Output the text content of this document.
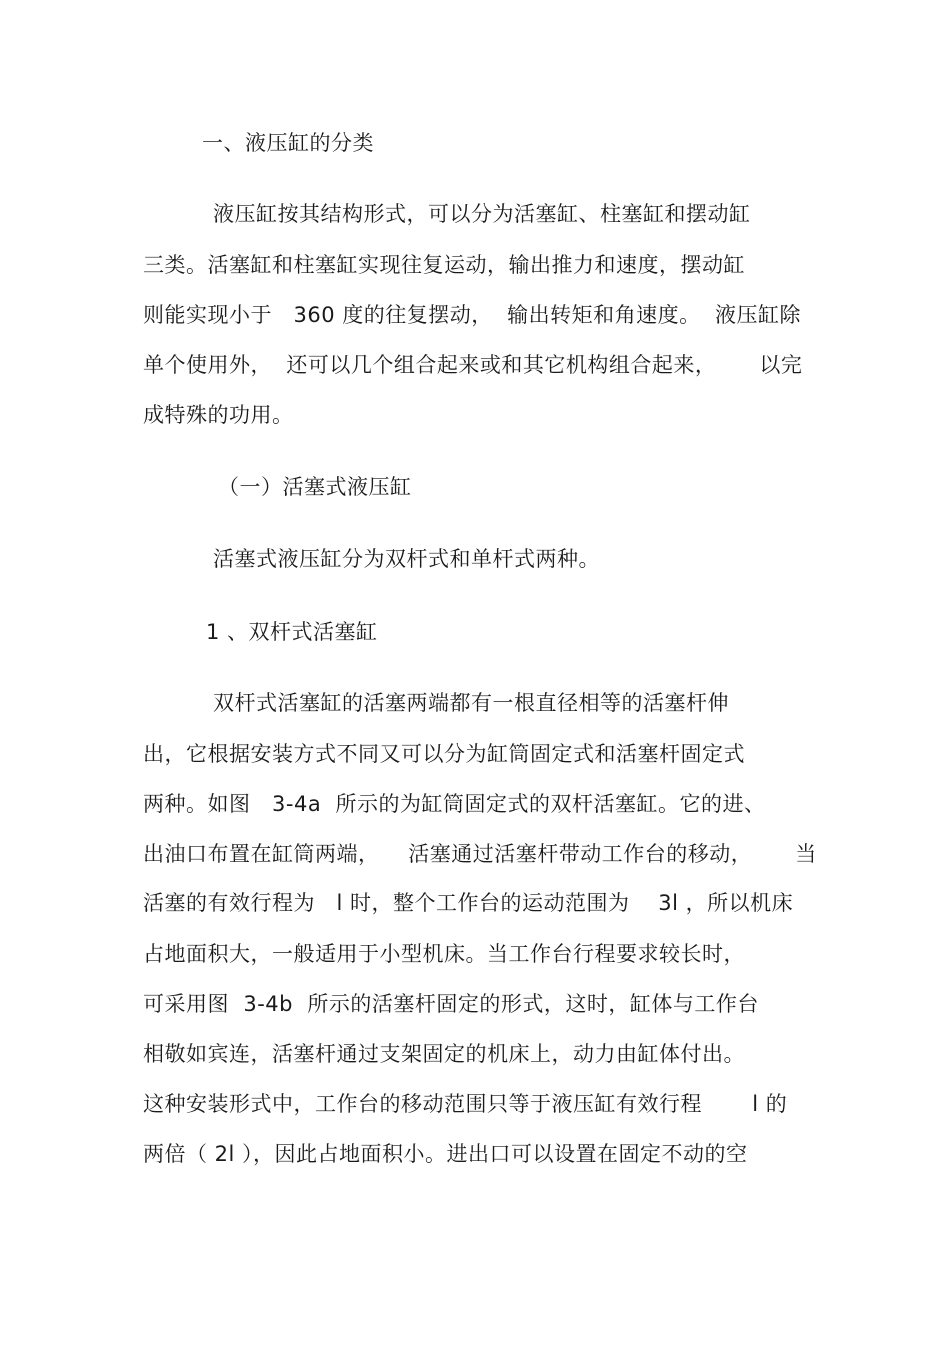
一、液压缸的分类
液压缸按其结构形式，可以分为活塞缸、柱塞缸和摆动缸
三类。活塞缸和柱塞缸实现往复运动，输出推力和速度，摆动缸
则能实现小于   360 度的往复摆动，  输出转矩和角速度。  液压缸除
单个使用外，  还可以几个组合起来或和其它机构组合起来，      以完
成特殊的功用。
（一）活塞式液压缸
活塞式液压缸分为双杆式和单杆式两种。
1 、双杆式活塞缸
双杆式活塞缸的活塞两端都有一根直径相等的活塞杆伸
出，它根据安装方式不同又可以分为缸筒固定式和活塞杆固定式
两种。如图   3-4a  所示的为缸筒固定式的双杆活塞缸。它的进、
出油口布置在缸筒两端，    活塞通过活塞杆带动工作台的移动，      当
活塞的有效行程为   l 时，整个工作台的运动范围为    3l ，所以机床
占地面积大，一般适用于小型机床。当工作台行程要求较长时，
可采用图  3-4b  所示的活塞杆固定的形式，这时，缸体与工作台
相敬如宾连，活塞杆通过支架固定的机床上，动力由缸体付出。
这种安装形式中，工作台的移动范围只等于液压缸有效行程       l 的
两倍（ 2l ），因此占地面积小。进出口可以设置在固定不动的空
